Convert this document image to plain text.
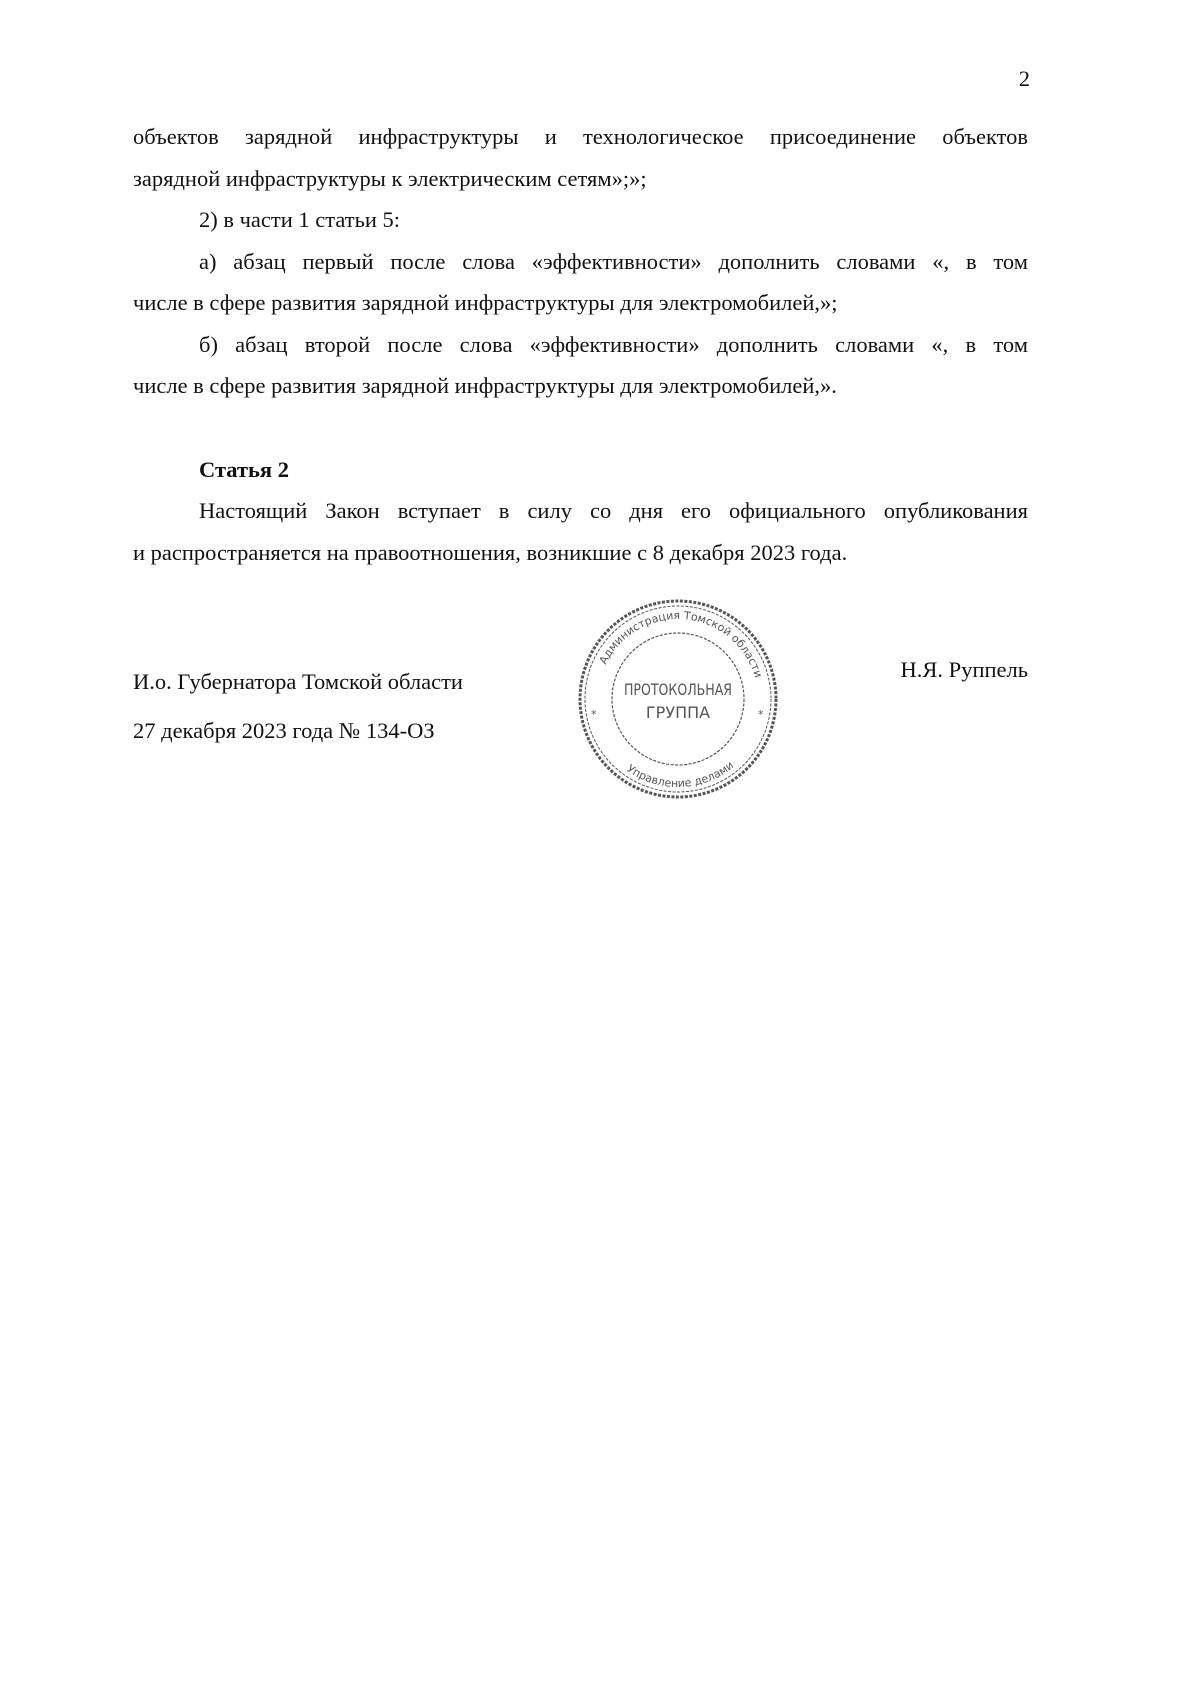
2

объектов зарядной инфраструктуры и технологическое присоединение объектов

зарядной инфраструктуры к электрическим сетям»;»;

2) в части 1 статьи 5:

а) абзац первый после слова «эффективности» дополнить словами «, в том

числе в сфере развития зарядной инфраструктуры для электромобилей,»;

б) абзац второй после слова «эффективности» дополнить словами «, в том

числе в сфере развития зарядной инфраструктуры для электромобилей,».

Статья 2

Настоящий Закон вступает в силу со дня его официального опубликования

и распространяется на правоотношения, возникшие с 8 декабря 2023 года.

И.о. Губернатора Томской области
27 декабря 2023 года № 134-ОЗ
Н.Я. Руппель
Администрация Томской области
Управление делами
*	*
ПРОТОКОЛЬНАЯ
ГРУППА
